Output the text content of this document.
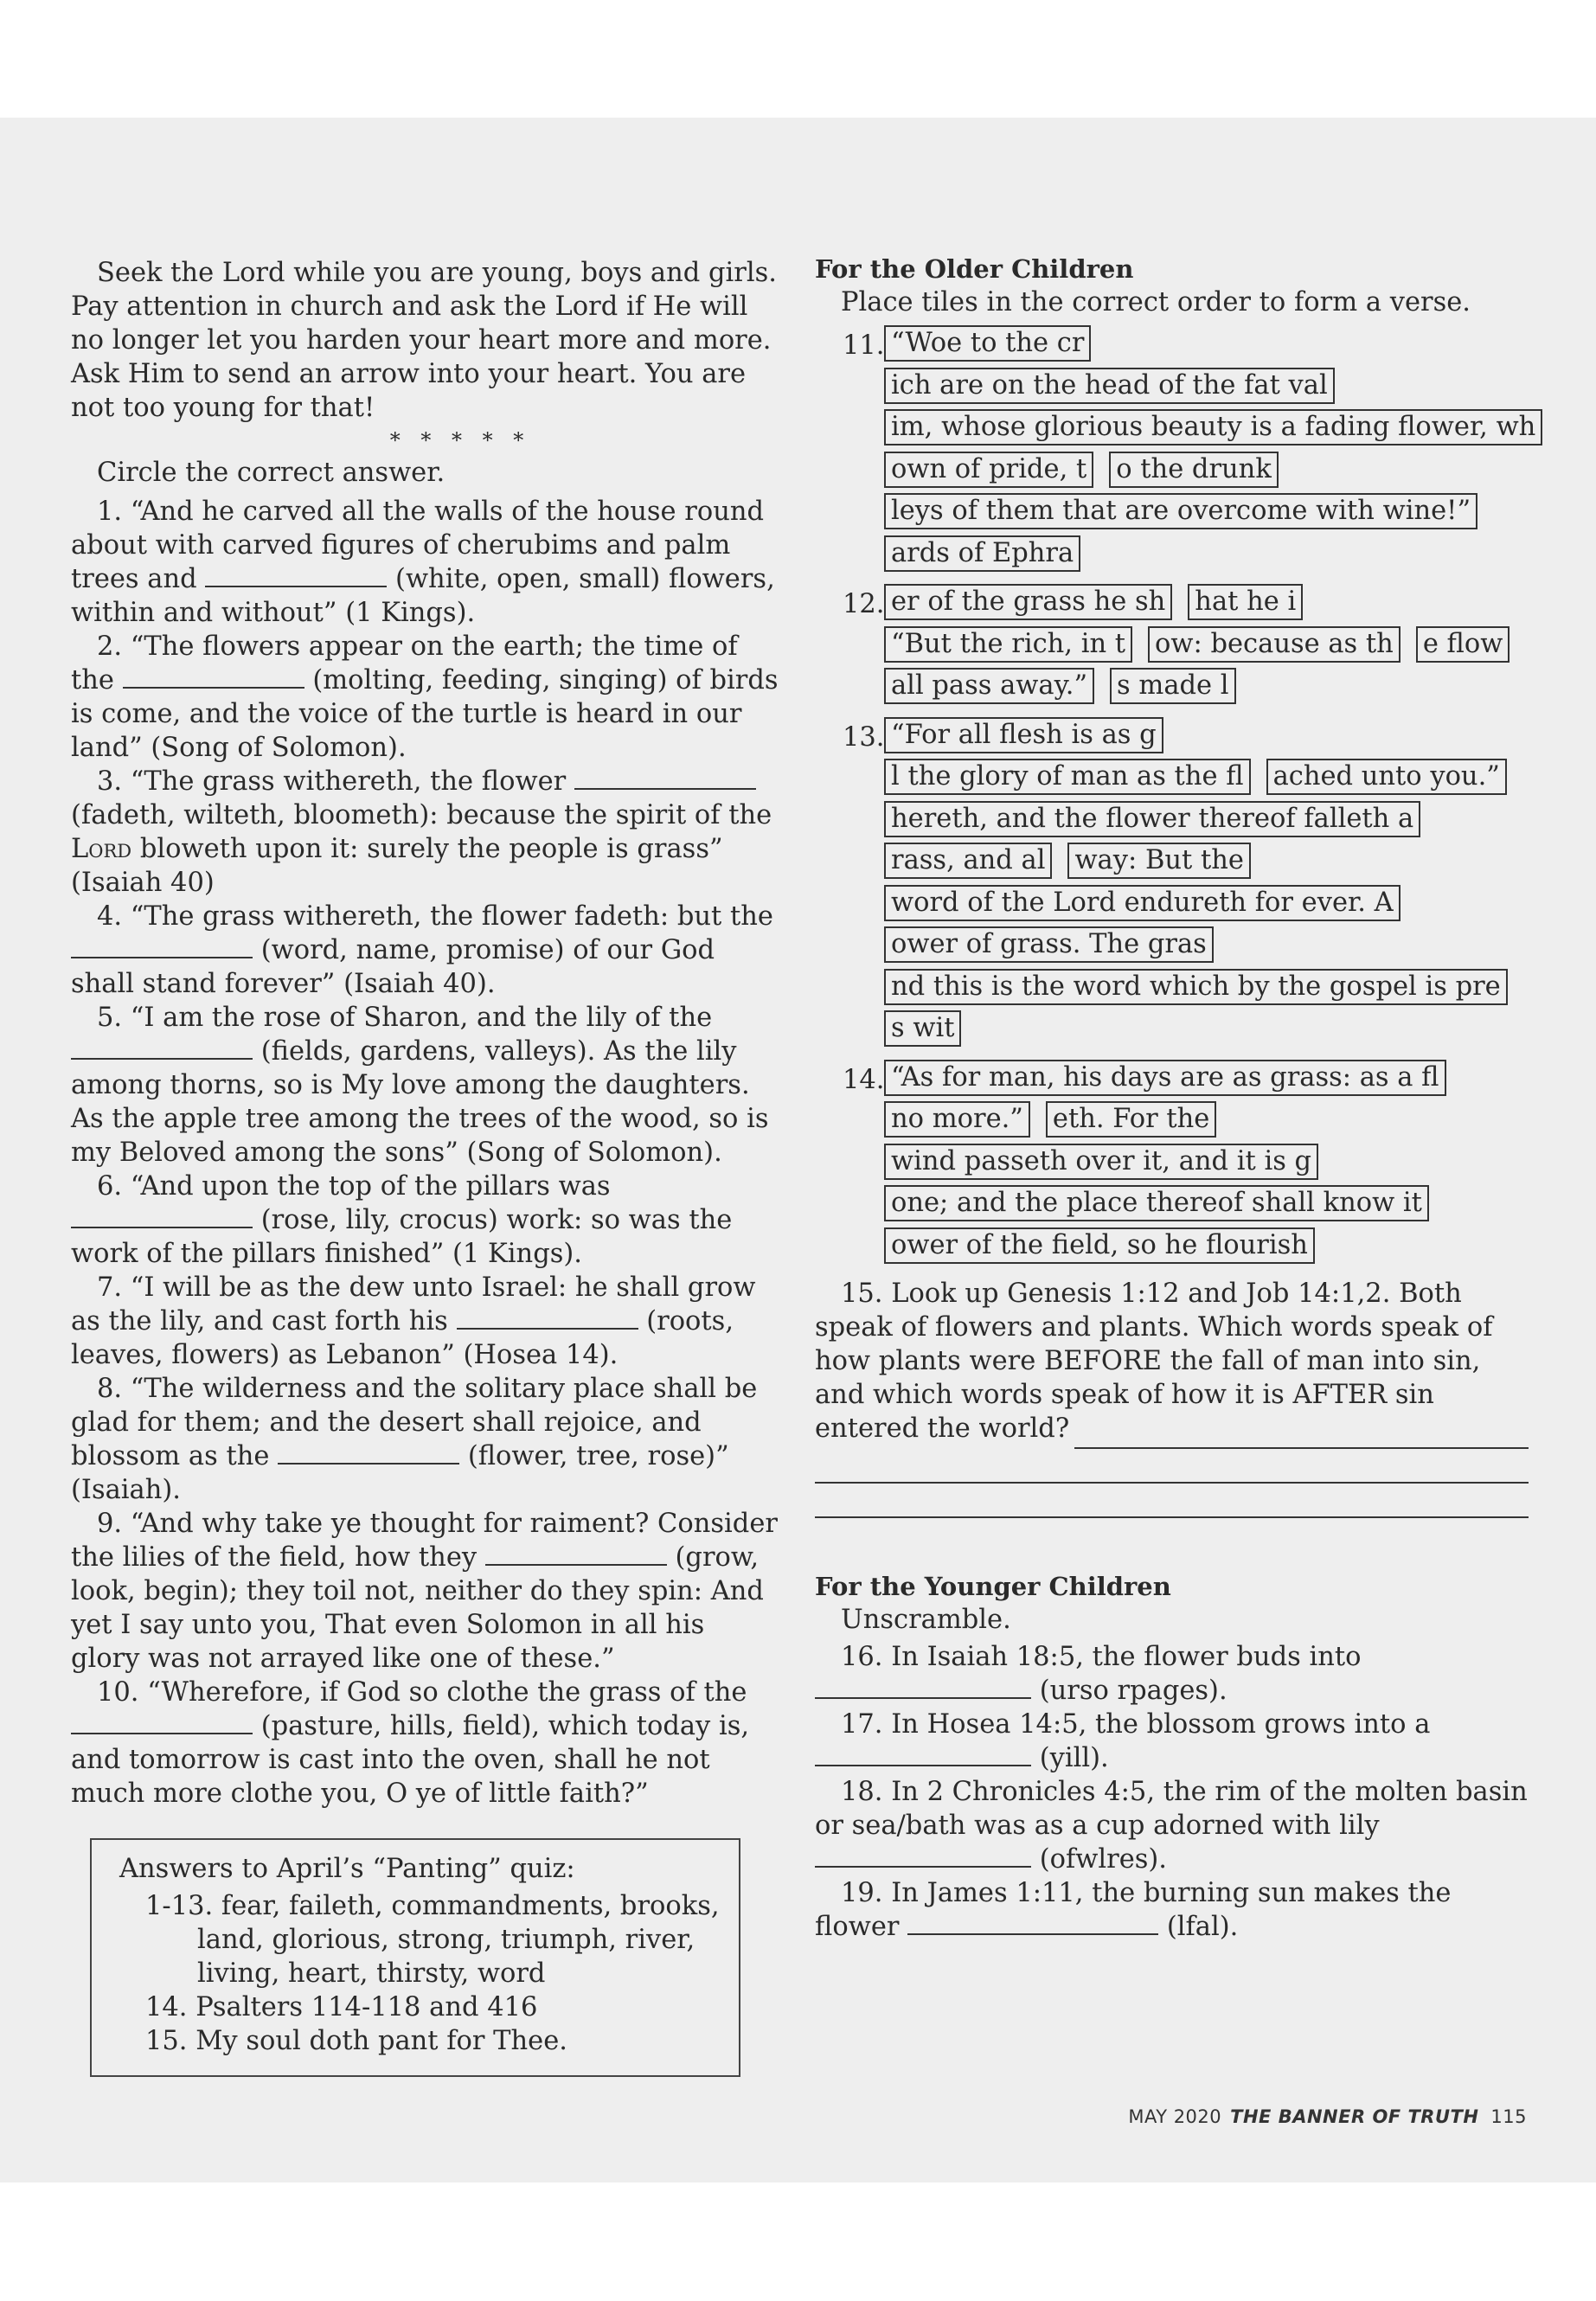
Seek the Lord while you are young, boys and girls. Pay attention in church and ask the Lord if He will no longer let you harden your heart more and more. Ask Him to send an arrow into your heart. You are not too young for that!

* * * * *

Circle the correct answer.

1. “And he carved all the walls of the house round about with carved figures of cherubims and palm trees and	(white, open, small) flowers, within and without” (1 Kings).

2. “The flowers appear on the earth; the time of the	(molting, feeding, singing) of birds is come, and the voice of the turtle is heard in our land” (Song of Solomon).

3. “The grass withereth, the flower  (fadeth, wilteth, bloometh): because the spirit of the Lord bloweth upon it: surely the people is grass” (Isaiah 40)

4. “The grass withereth, the flower fadeth: but the  (word, name, promise) of our God shall stand forever” (Isaiah 40).

5. “I am the rose of Sharon, and the lily of the  (fields, gardens, valleys). As the lily among thorns, so is My love among the daughters. As the apple tree among the trees of the wood, so is my Beloved among the sons” (Song of Solomon).

6. “And upon the top of the pillars was  (rose, lily, crocus) work: so was the work of the pillars finished” (1 Kings).

7. “I will be as the dew unto Israel: he shall grow as the lily, and cast forth his	(roots, leaves, flowers) as Lebanon” (Hosea 14).

8. “The wilderness and the solitary place shall be glad for them; and the desert shall rejoice, and blossom as the	(flower, tree, rose)” (Isaiah).

9. “And why take ye thought for raiment? Consider the lilies of the field, how they	(grow, look, begin); they toil not, neither do they spin: And yet I say unto you, That even Solomon in all his glory was not arrayed like one of these.”

10. “Wherefore, if God so clothe the grass of the  (pasture, hills, field), which today is, and tomorrow is cast into the oven, shall he not much more clothe you, O ye of little faith?”

Answers to April’s “Panting” quiz:

1-13. fear, faileth, commandments, brooks, land, glorious, strong, triumph, river, living, heart, thirsty, word

14. Psalters 114-118 and 416

15. My soul doth pant for Thee.

For the Older Children

Place tiles in the correct order to form a verse.

11. “Woe to the cr
ich are on the head of the fat val
im, whose glorious beauty is a fading flower, wh
own of pride, t o the drunk
leys of them that are overcome with wine!”
ards of Ephra
12. er of the grass he sh hat he i
“But the rich, in t ow: because as th e flow
all pass away.” s made l
13. “For all flesh is as g
l the glory of man as the fl ached unto you.”
hereth, and the flower thereof falleth a
rass, and al way: But the
word of the Lord endureth for ever. A
ower of grass. The gras
nd this is the word which by the gospel is pre
s wit
14. “As for man, his days are as grass: as a fl
no more.” eth. For the
wind passeth over it, and it is g
one; and the place thereof shall know it
ower of the field, so he flourish

15. Look up Genesis 1:12 and Job 14:1,2. Both speak of flowers and plants. Which words speak of how plants were BEFORE the fall of man into sin, and which words speak of how it is AFTER sin entered the world?

For the Younger Children

Unscramble.

16. In Isaiah 18:5, the flower buds into  (urso rpages).

17. In Hosea 14:5, the blossom grows into a  (yill).

18. In 2 Chronicles 4:5, the rim of the molten basin or sea/bath was as a cup adorned with lily  (ofwlres).

19. In James 1:11, the burning sun makes the flower	(lfal).

MAY 2020 THE BANNER OF TRUTH 115
